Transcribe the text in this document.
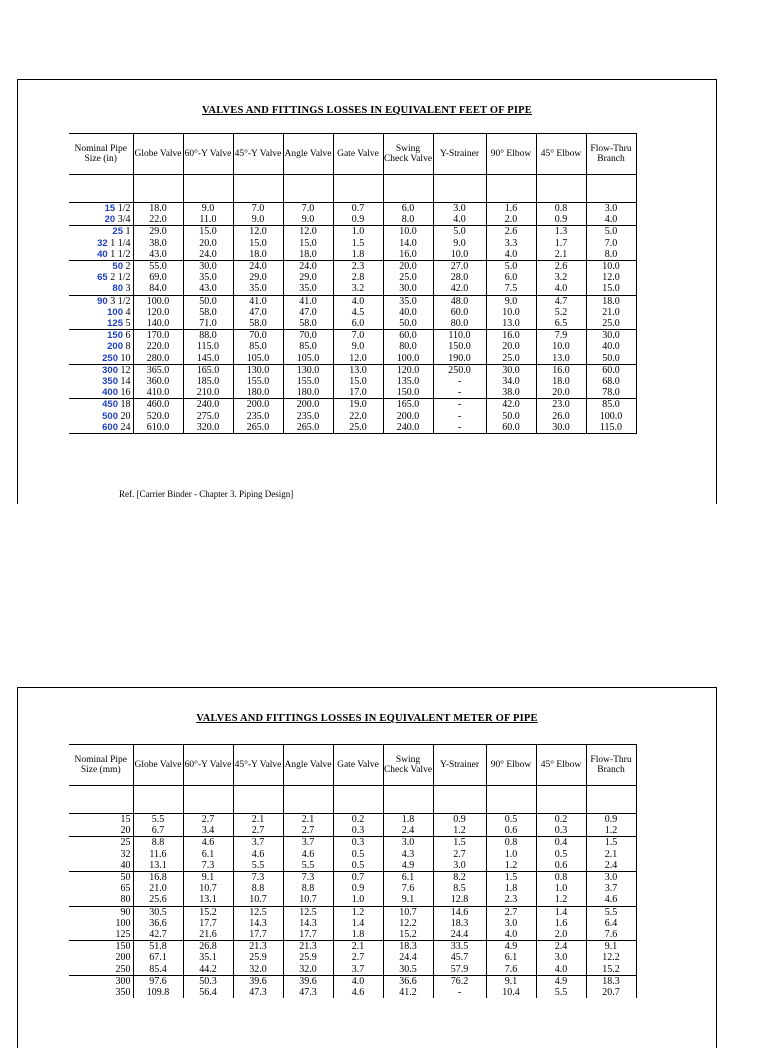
VALVES AND FITTINGS LOSSES IN EQUIVALENT FEET OF PIPE
Nominal Pipe Size (in)	Globe Valve	60°-Y Valve	45°-Y Valve	Angle Valve	Gate Valve	Swing Check Valve	Y-Strainer	90° Elbow	45° Elbow	Flow-Thru Branch

15 1/2	18.0	9.0	7.0	7.0	0.7	6.0	3.0	1.6	0.8	3.0
20 3/4	22.0	11.0	9.0	9.0	0.9	8.0	4.0	2.0	0.9	4.0
25 1	29.0	15.0	12.0	12.0	1.0	10.0	5.0	2.6	1.3	5.0
32 1 1/4	38.0	20.0	15.0	15.0	1.5	14.0	9.0	3.3	1.7	7.0
40 1 1/2	43.0	24.0	18.0	18.0	1.8	16.0	10.0	4.0	2.1	8.0
50 2	55.0	30.0	24.0	24.0	2.3	20.0	27.0	5.0	2.6	10.0
65 2 1/2	69.0	35.0	29.0	29.0	2.8	25.0	28.0	6.0	3.2	12.0
80 3	84.0	43.0	35.0	35.0	3.2	30.0	42.0	7.5	4.0	15.0
90 3 1/2	100.0	50.0	41.0	41.0	4.0	35.0	48.0	9.0	4.7	18.0
100 4	120.0	58.0	47.0	47.0	4.5	40.0	60.0	10.0	5.2	21.0
125 5	140.0	71.0	58.0	58.0	6.0	50.0	80.0	13.0	6.5	25.0
150 6	170.0	88.0	70.0	70.0	7.0	60.0	110.0	16.0	7.9	30.0
200 8	220.0	115.0	85.0	85.0	9.0	80.0	150.0	20.0	10.0	40.0
250 10	280.0	145.0	105.0	105.0	12.0	100.0	190.0	25.0	13.0	50.0
300 12	365.0	165.0	130.0	130.0	13.0	120.0	250.0	30.0	16.0	60.0
350 14	360.0	185.0	155.0	155.0	15.0	135.0	-	34.0	18.0	68.0
400 16	410.0	210.0	180.0	180.0	17.0	150.0	-	38.0	20.0	78.0
450 18	460.0	240.0	200.0	200.0	19.0	165.0	-	42.0	23.0	85.0
500 20	520.0	275.0	235.0	235.0	22.0	200.0	-	50.0	26.0	100.0
600 24	610.0	320.0	265.0	265.0	25.0	240.0	-	60.0	30.0	115.0
Ref. [Carrier Binder - Chapter 3. Piping Design]
VALVES AND FITTINGS LOSSES IN EQUIVALENT METER OF PIPE
Nominal Pipe Size (mm)	Globe Valve	60°-Y Valve	45°-Y Valve	Angle Valve	Gate Valve	Swing Check Valve	Y-Strainer	90° Elbow	45° Elbow	Flow-Thru Branch

15	5.5	2.7	2.1	2.1	0.2	1.8	0.9	0.5	0.2	0.9
20	6.7	3.4	2.7	2.7	0.3	2.4	1.2	0.6	0.3	1.2
25	8.8	4.6	3.7	3.7	0.3	3.0	1.5	0.8	0.4	1.5
32	11.6	6.1	4.6	4.6	0.5	4.3	2.7	1.0	0.5	2.1
40	13.1	7.3	5.5	5.5	0.5	4.9	3.0	1.2	0.6	2.4
50	16.8	9.1	7.3	7.3	0.7	6.1	8.2	1.5	0.8	3.0
65	21.0	10.7	8.8	8.8	0.9	7.6	8.5	1.8	1.0	3.7
80	25.6	13.1	10.7	10.7	1.0	9.1	12.8	2.3	1.2	4.6
90	30.5	15.2	12.5	12.5	1.2	10.7	14.6	2.7	1.4	5.5
100	36.6	17.7	14.3	14.3	1.4	12.2	18.3	3.0	1.6	6.4
125	42.7	21.6	17.7	17.7	1.8	15.2	24.4	4.0	2.0	7.6
150	51.8	26.8	21.3	21.3	2.1	18.3	33.5	4.9	2.4	9.1
200	67.1	35.1	25.9	25.9	2.7	24.4	45.7	6.1	3.0	12.2
250	85.4	44.2	32.0	32.0	3.7	30.5	57.9	7.6	4.0	15.2
300	97.6	50.3	39.6	39.6	4.0	36.6	76.2	9.1	4.9	18.3
350	109.8	56.4	47.3	47.3	4.6	41.2	-	10.4	5.5	20.7
